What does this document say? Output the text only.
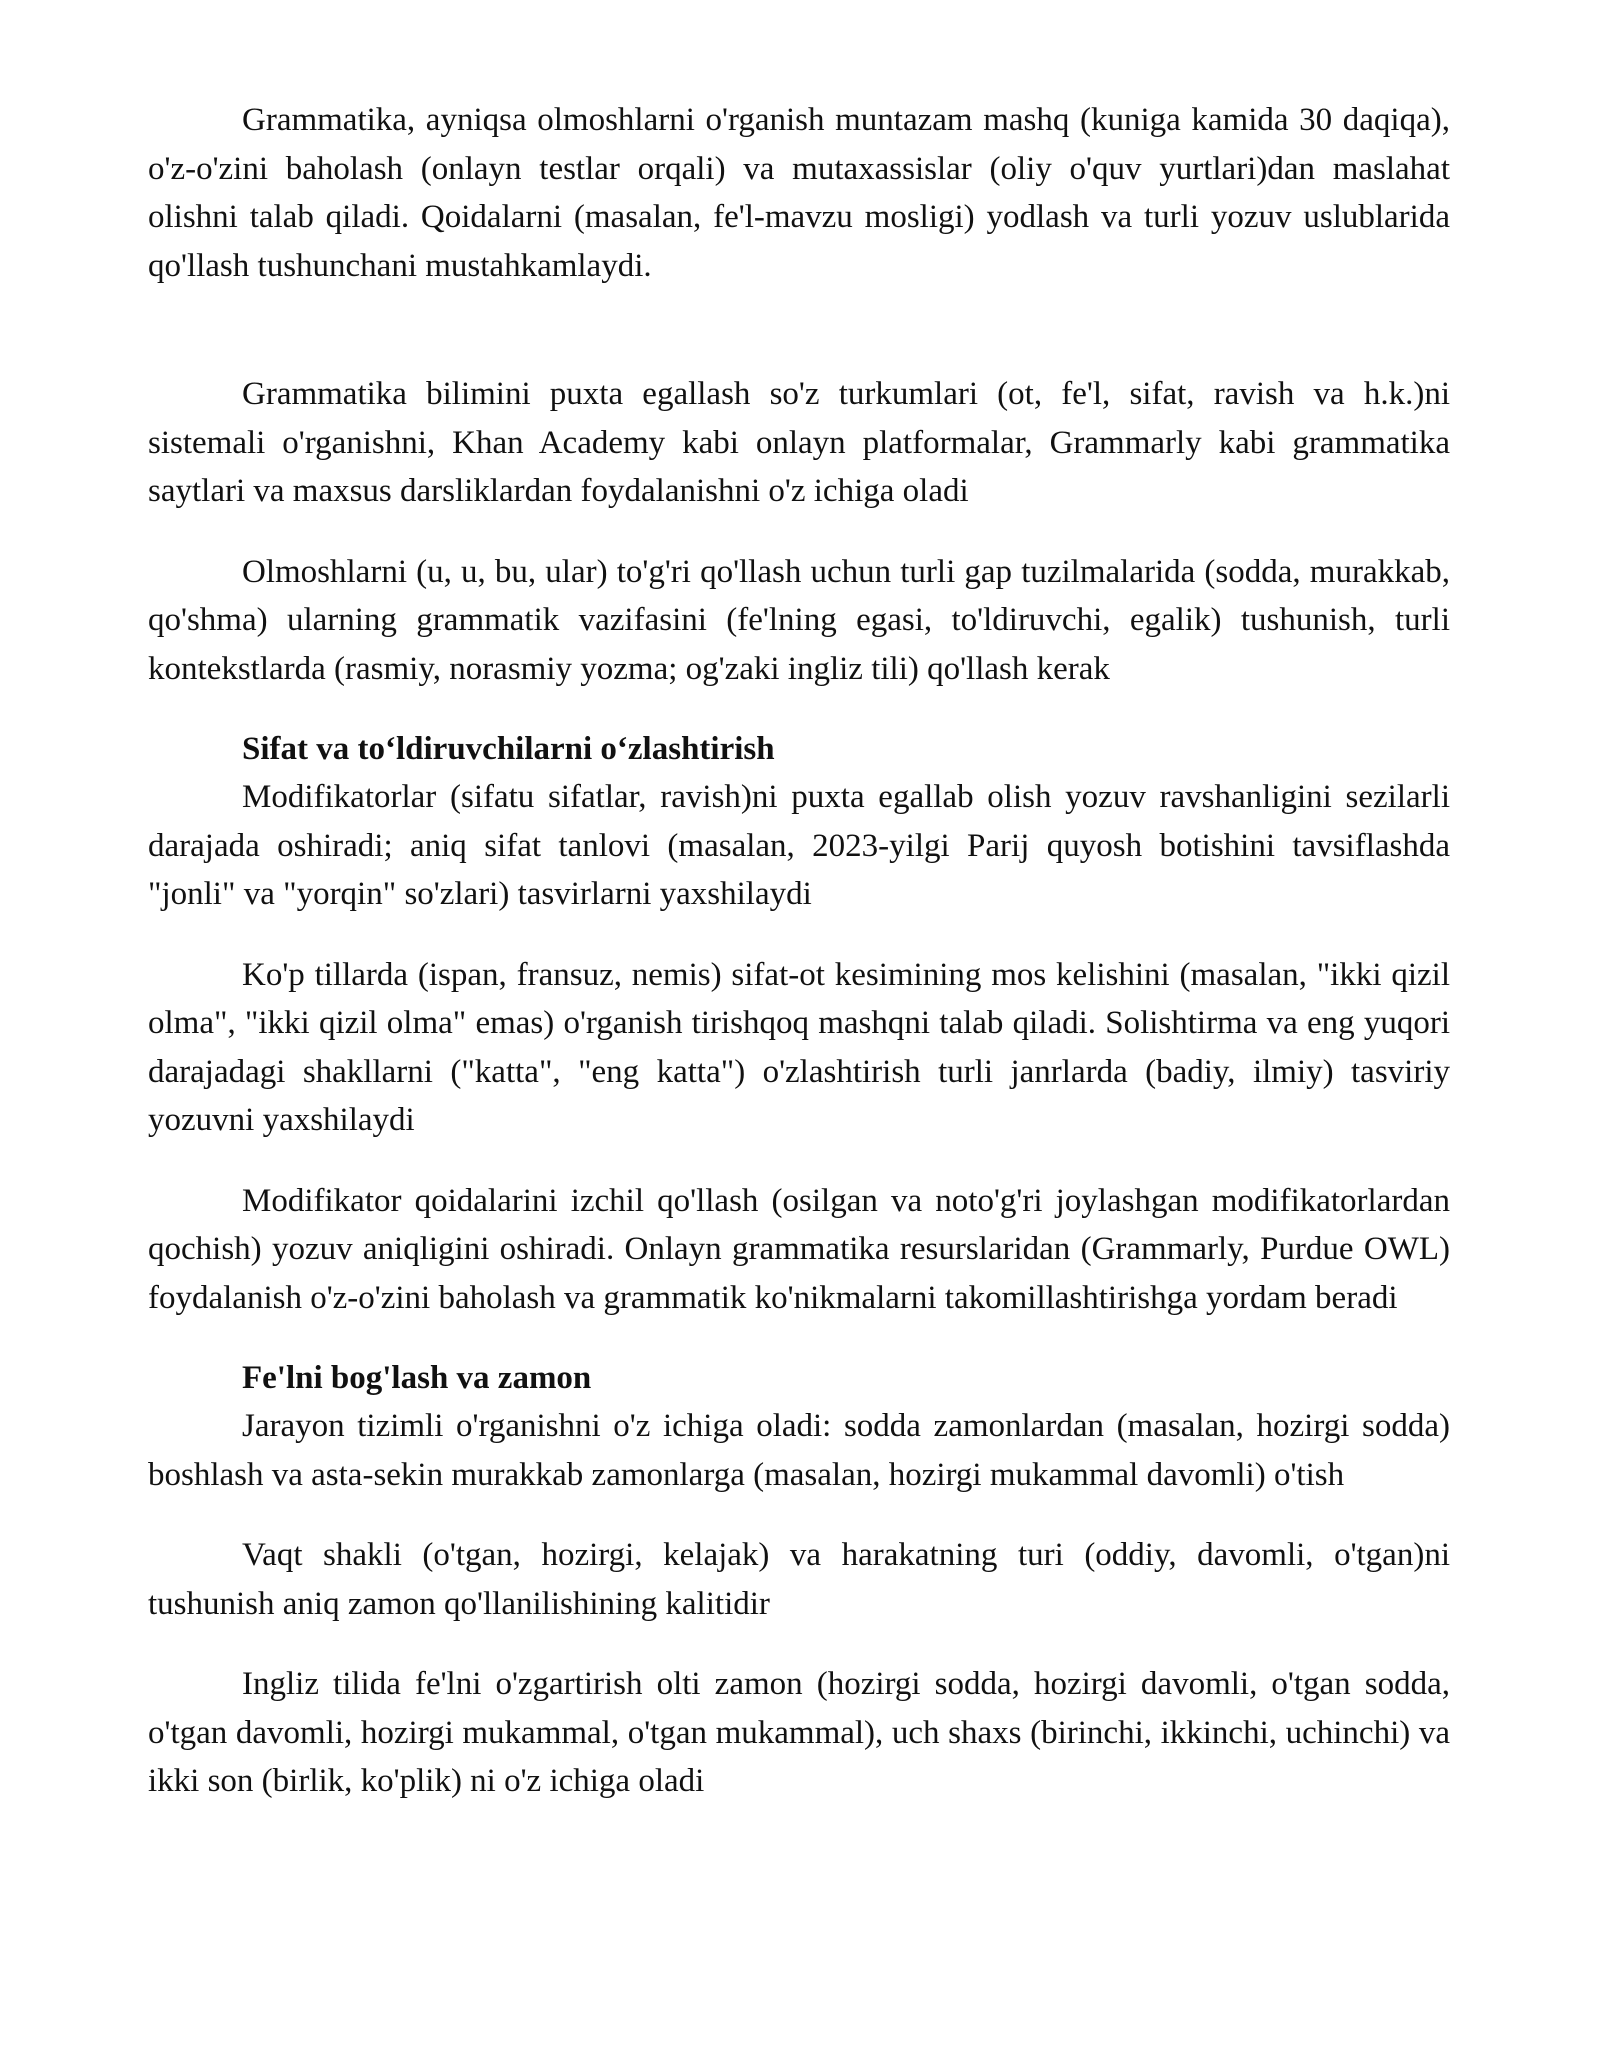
Grammatika, ayniqsa olmoshlarni o'rganish muntazam mashq (kuniga kamida 30 daqiqa), o'z-o'zini baholash (onlayn testlar orqali) va mutaxassislar (oliy o'quv yurtlari)dan maslahat olishni talab qiladi. Qoidalarni (masalan, fe'l-mavzu mosligi) yodlash va turli yozuv uslublarida qo'llash tushunchani mustahkamlaydi.

Grammatika bilimini puxta egallash so'z turkumlari (ot, fe'l, sifat, ravish va h.k.)ni sistemali o'rganishni, Khan Academy kabi onlayn platformalar, Grammarly kabi grammatika saytlari va maxsus darsliklardan foydalanishni o'z ichiga oladi

Olmoshlarni (u, u, bu, ular) to'g'ri qo'llash uchun turli gap tuzilmalarida (sodda, murakkab, qo'shma) ularning grammatik vazifasini (fe'lning egasi, to'ldiruvchi, egalik) tushunish, turli kontekstlarda (rasmiy, norasmiy yozma; og'zaki ingliz tili) qo'llash kerak

Sifat va toʻldiruvchilarni oʻzlashtirish

Modifikatorlar (sifatu sifatlar, ravish)ni puxta egallab olish yozuv ravshanligini sezilarli darajada oshiradi; aniq sifat tanlovi (masalan, 2023-yilgi Parij quyosh botishini tavsiflashda "jonli" va "yorqin" so'zlari) tasvirlarni yaxshilaydi

Ko'p tillarda (ispan, fransuz, nemis) sifat-ot kesimining mos kelishini (masalan, "ikki qizil olma", "ikki qizil olma" emas) o'rganish tirishqoq mashqni talab qiladi. Solishtirma va eng yuqori darajadagi shakllarni ("katta", "eng katta") o'zlashtirish turli janrlarda (badiy, ilmiy) tasviriy yozuvni yaxshilaydi

Modifikator qoidalarini izchil qo'llash (osilgan va noto'g'ri joylashgan modifikatorlardan qochish) yozuv aniqligini oshiradi. Onlayn grammatika resurslaridan (Grammarly, Purdue OWL) foydalanish o'z-o'zini baholash va grammatik ko'nikmalarni takomillashtirishga yordam beradi

Fe'lni bog'lash va zamon

Jarayon tizimli o'rganishni o'z ichiga oladi: sodda zamonlardan (masalan, hozirgi sodda) boshlash va asta-sekin murakkab zamonlarga (masalan, hozirgi mukammal davomli) o'tish

Vaqt shakli (o'tgan, hozirgi, kelajak) va harakatning turi (oddiy, davomli, o'tgan)ni tushunish aniq zamon qo'llanilishining kalitidir

Ingliz tilida fe'lni o'zgartirish olti zamon (hozirgi sodda, hozirgi davomli, o'tgan sodda, o'tgan davomli, hozirgi mukammal, o'tgan mukammal), uch shaxs (birinchi, ikkinchi, uchinchi) va ikki son (birlik, ko'plik) ni o'z ichiga oladi
